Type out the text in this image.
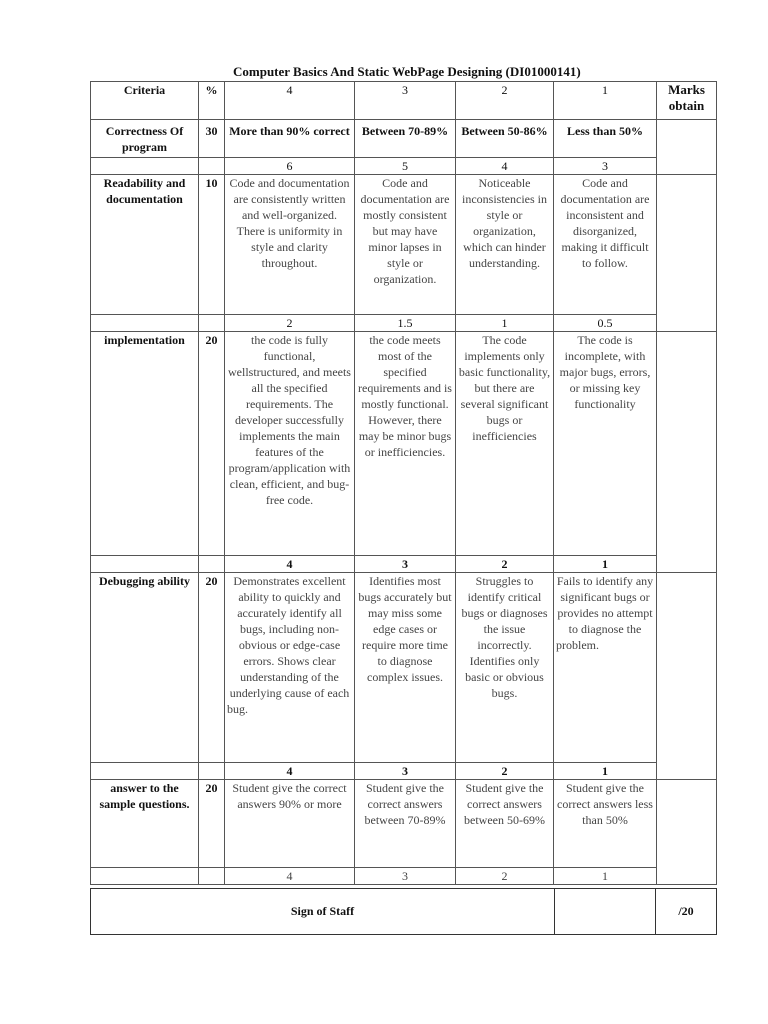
Computer Basics And Static WebPage Designing (DI01000141)
Criteria	%	4	3	2	1	Marks obtain
Correctness Of program	30	More than 90% correct	Between 70-89%	Between 50-86%	Less than 50%	
		6	5	4	3	
Readability and documentation	10	Code and documentation are consistently written and well-organized. There is uniformity in style and clarity throughout.	Code and documentation are mostly consistent but may have minor lapses in style or organization.	Noticeable inconsistencies in style or organization, which can hinder understanding.	Code and documentation are inconsistent and disorganized, making it difficult to follow.	
		2	1.5	1	0.5	
implementation	20	the code is fully functional, wellstructured, and meets all the specified requirements. The developer successfully implements the main features of the program/application with clean, efficient, and bug-free code.	the code meets most of the specified requirements and is mostly functional. However, there may be minor bugs or inefficiencies.	The code implements only basic functionality, but there are several significant bugs or inefficiencies	The code is incomplete, with major bugs, errors, or missing key functionality	
		4	3	2	1	
Debugging ability	20	Demonstrates excellent ability to quickly and accurately identify all bugs, including non-obvious or edge-case errors. Shows clear understanding of the underlying cause of each bug.	Identifies most bugs accurately but may miss some edge cases or require more time to diagnose complex issues.	Struggles to identify critical bugs or diagnoses the issue incorrectly. Identifies only basic or obvious bugs.	Fails to identify any significant bugs or provides no attempt to diagnose the problem.	
		4	3	2	1	
answer to the sample questions.	20	Student give the correct answers 90% or more	Student give the correct answers between 70-89%	Student give the correct answers between 50-69%	Student give the correct answers less than 50%	
		4	3	2	1	
Sign of Staff		/20
